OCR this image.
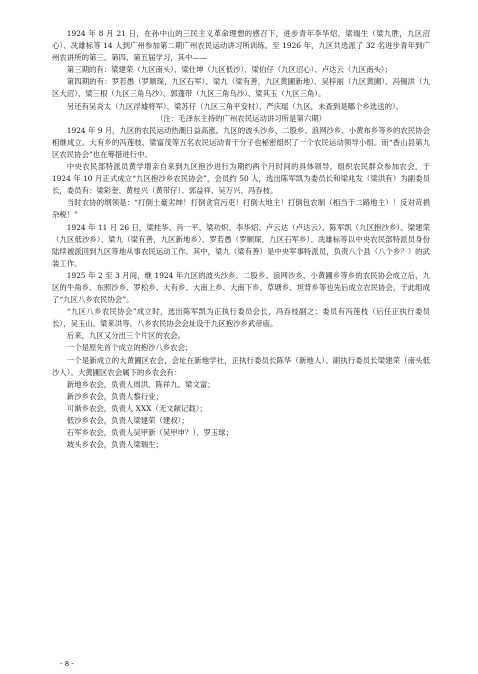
1924 年 8 月 21 日，在孙中山的三民主义革命理想的感召下，进步青年李华炤、梁瑞生（梁九胜，九区沼心）、冼雄标等 14 人到广州参加第二期广州农民运动讲习所训练。至 1926 年，九区共选派了 32 名进步青年到广州农讲所的第三、第四、第五届学习，其中——

第三期的有：梁建荣（九区南头）、梁仕坤（九区低沙）、梁伯仔（九区沼心）、卢达云（九区南头）；

第四期的有：罗若愚（罗顺琛，九区石军）、梁九（梁有善，九区黄圃新地）、吴梓丽（九区黄圃）、冯锡洪（九区大沼）、梁三根（九区三角乌沙）、郭蓬带（九区三角乌沙）、梁其玉（九区三角）。

另还有吴炎太（九区浮墟将军）、梁苏仔（九区三角平安村）、严庆瑶（九区，未查到是哪个乡选送的）。

（注：毛泽东主持的广州农民运动讲习所是第六期）

1924 年 9 月，九区的农民运动热潮日益高涨。九区的波头沙乡、二股乡、浪网沙乡、小黄布乡等乡的农民协会相继成立。大有乡的冯莲枝、梁富茂等五名农民运动青干分子也秘密组织了一个农民运动领导小组。而“香山县第九区农民协会”也在筹措进行中。

中央农民部特派员黄学增亲自来到九区抱沙进行为期约两个月时间的具体领导，组织农民群众参加农会，于 1924 年 10 月正式成立“九区抱沙乡农民协会”，会员约 50 人，选出陈军凯为委员长和梁兆发（梁洪有）为副委员长，委员有：梁彩奎、黄桂兴（黄带仔）、郭益祥、吴万兴、冯吞枝。

当时农协的纲领是：“打倒土豪劣绅！打倒贪官污吏！打倒大地主！打倒包农制（相当于二路地主）！反对苛捐杂税！”

1924 年 11 月 26 日，梁桂华、肖一平、梁功炽、李华炤、卢云达（卢达云）、陈军凯（九区抱沙乡）、梁建荣（九区低沙乡）、梁九（梁有善，九区新地乡）、罗若愚（罗顺琛，九区石军乡）、冼雄标等以中央农民部特派员身份陆续被派回到九区等地从事农民运动工作。其中，梁九（梁有善）是中央军事特派员，负责八个县（八个乡？）的武装工作。

1925 年 2 至 3 月间，继 1924 年九区的波头沙乡、二股乡、浪网沙乡、小黄圃乡等乡的农民协会成立后，九区的牛角乡、东照沙乡、罗松乡、大有乡、大南上乡、大南下乡、草塘乡、坦背乡等也先后成立农民协会，于此组成了“九区八乡农民协会”。

“九区八乡农民协会”成立时，选出陈军凯为正执行委员会长，冯吞枝副之；委员有冯莲枝（后任正执行委员长），吴玉山、梁来洪等。八乡农民协会会址设于九区抱沙乡武帝庙。

后来，九区又分出三个片区的农会。

一个是原先首个成立的抱沙八乡农会；

一个是新成立的大黄圃区农会，会址在新地学社，正执行委员长陈华（新地人）、副执行委员长梁建荣（南头低沙人）。大黄圃区农会属下的乡农会有：

新地乡农会，负责人周洪、陈祥九、梁文富；

新沙乡农会，负责人黎行业；

可渐乡农会，负责人 XXX（无文献记载）；

低沙乡农会，负责人梁建荣（建叔）；

石军乡农会，负责人吴甲新（吴甲申？）、罗玉球；

坡头乡农会，负责人梁瑞生；

- 8 -
